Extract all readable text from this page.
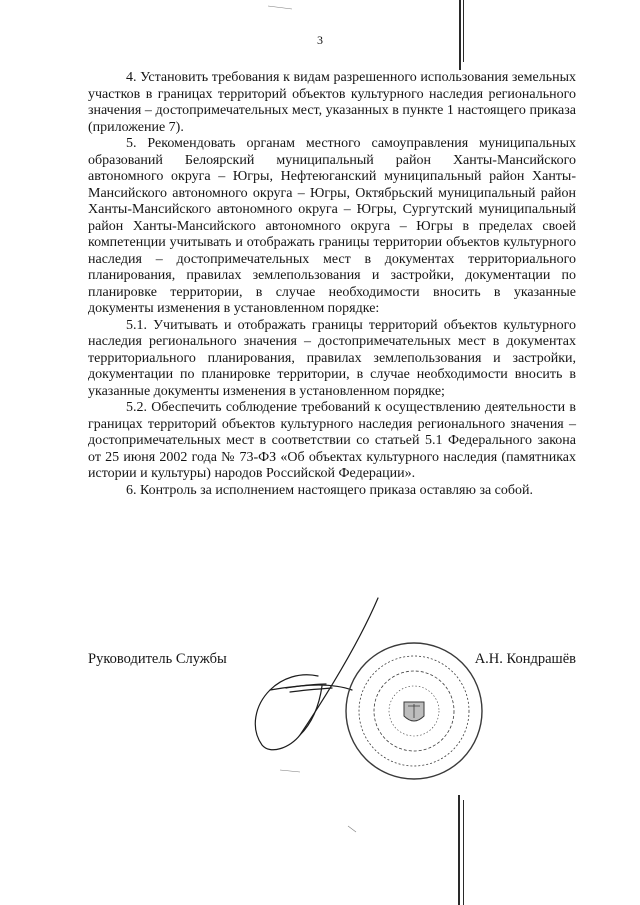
3

4. Установить требования к видам разрешенного использования земельных участков в границах территорий объектов культурного наследия регионального значения – достопримечательных мест, указанных в пункте 1 настоящего приказа (приложение 7).

5. Рекомендовать органам местного самоуправления муниципальных образований Белоярский муниципальный район Ханты-Мансийского автономного округа – Югры, Нефтеюганский муниципальный район Ханты-Мансийского автономного округа – Югры, Октябрьский муниципальный район Ханты-Мансийского автономного округа – Югры, Сургутский муниципальный район Ханты-Мансийского автономного округа – Югры в пределах своей компетенции учитывать и отображать границы территории объектов культурного наследия – достопримечательных мест в документах территориального планирования, правилах землепользования и застройки, документации по планировке территории, в случае необходимости вносить в указанные документы изменения в установленном порядке:

5.1. Учитывать и отображать границы территорий объектов культурного наследия регионального значения – достопримечательных мест в документах территориального планирования, правилах землепользования и застройки, документации по планировке территории, в случае необходимости вносить в указанные документы изменения в установленном порядке;

5.2. Обеспечить соблюдение требований к осуществлению деятельности в границах территорий объектов культурного наследия регионального значения – достопримечательных мест в соответствии со статьей 5.1 Федерального закона от 25 июня 2002 года № 73-ФЗ «Об объектах культурного наследия (памятниках истории и культуры) народов Российской Федерации».

6. Контроль за исполнением настоящего приказа оставляю за собой.

Руководитель Службы	А.Н. Кондрашёв
